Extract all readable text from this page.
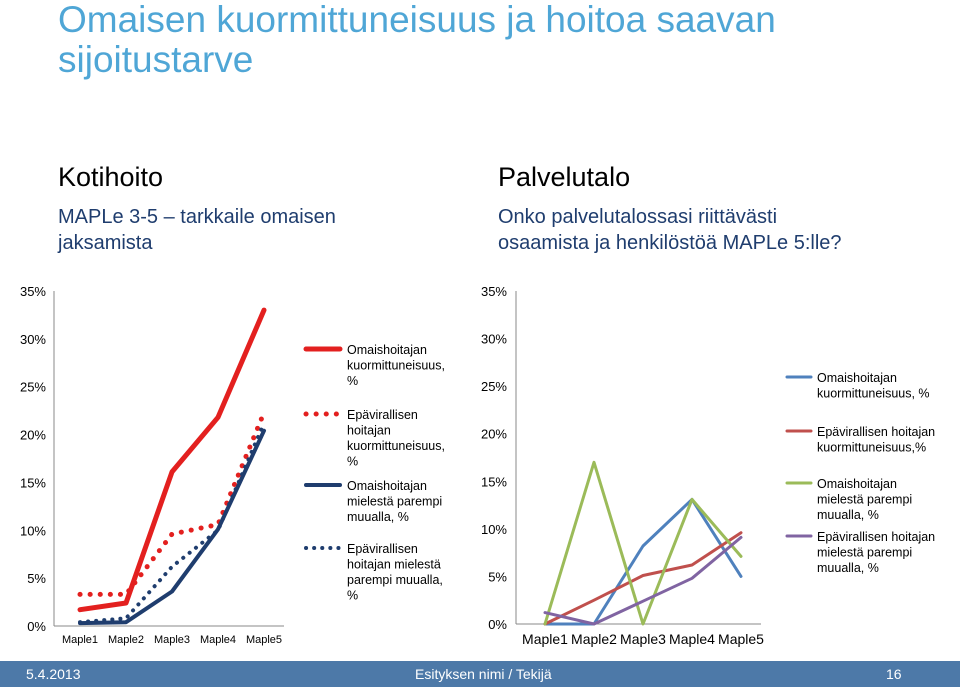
Omaisen kuormittuneisuus ja hoitoa saavan sijoitustarve
Kotihoito
MAPLe 3-5 – tarkkaile omaisen
jaksamista
Palvelutalo
Onko palvelutalossasi riittävästi
osaamista ja henkilöstöä MAPLe 5:lle?
0%
5%
10%
15%
20%
25%
30%
35%
Maple1 Maple2 Maple3 Maple4 Maple5
Omaishoitajan kuormittuneisuus, %
Epävirallisen hoitajan kuormittuneisuus, %
Omaishoitajan mielestä parempi muualla, %
Epävirallisen hoitajan mielestä parempi muualla, %
0%
5%
10%
15%
20%
25%
30%
35%
Maple1 Maple2 Maple3 Maple4 Maple5
Omaishoitajan kuormittuneisuus, %
Epävirallisen hoitajan kuormittuneisuus,%
Omaishoitajan mielestä parempi muualla, %
Epävirallisen hoitajan mielestä parempi muualla, %
5.4.2013	Esityksen nimi / Tekijä	16
